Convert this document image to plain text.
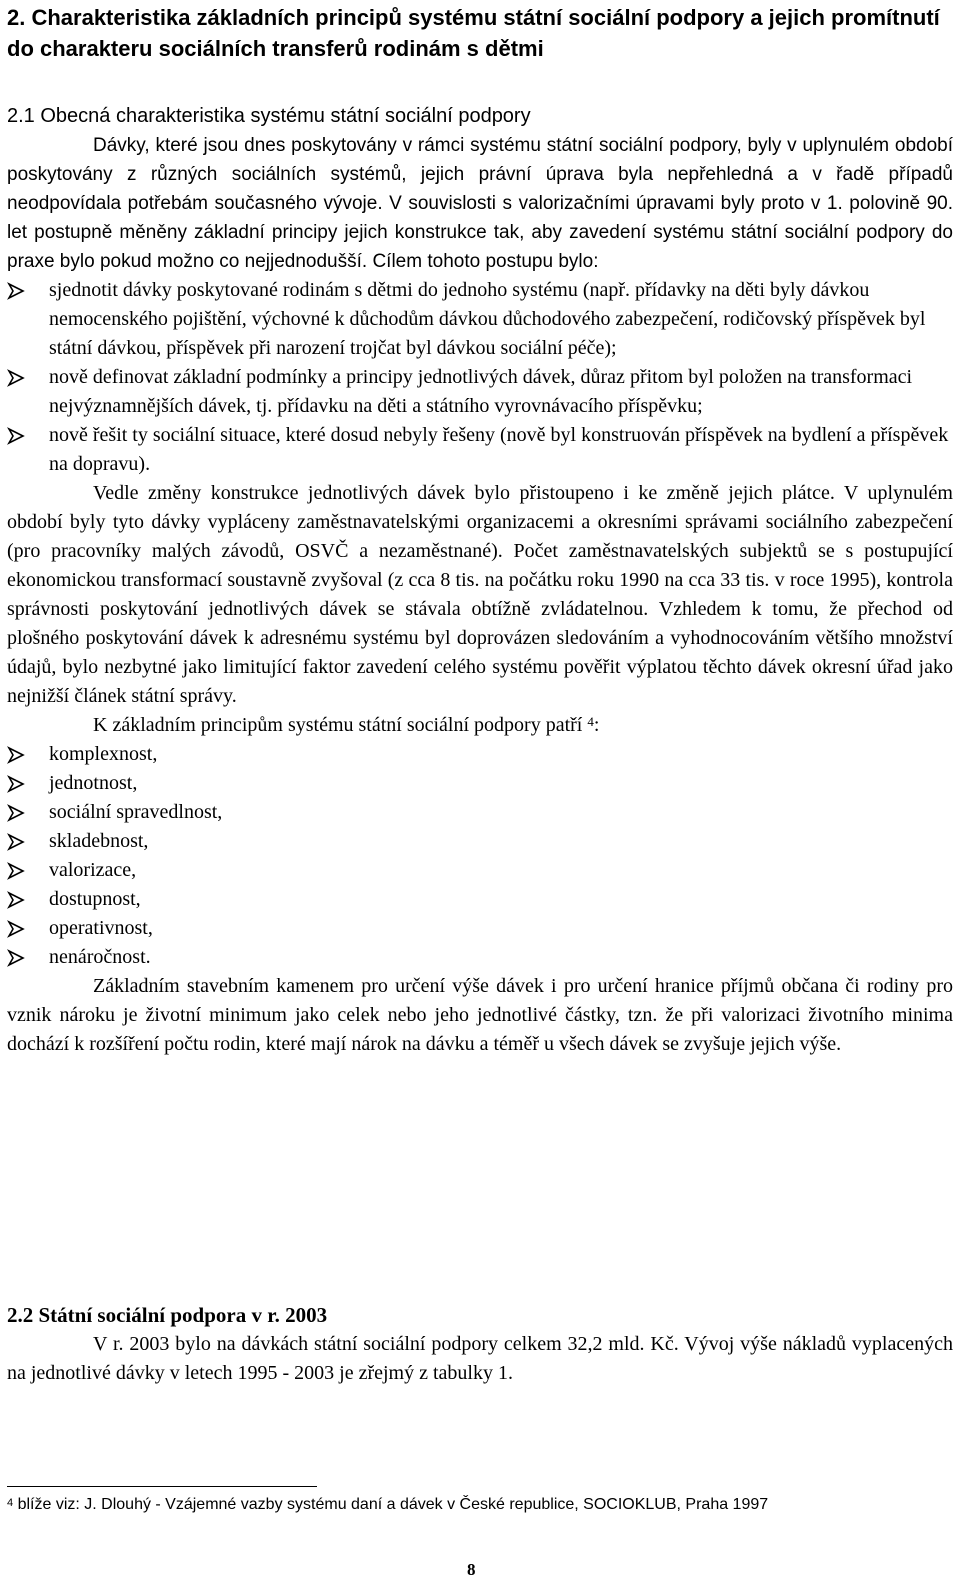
2. Charakteristika základních principů systému státní sociální podpory a jejich promítnutí do charakteru sociálních transferů rodinám s dětmi
2.1 Obecná charakteristika systému státní sociální podpory

Dávky, které jsou dnes poskytovány v rámci systému státní sociální podpory, byly v uplynulém období poskytovány z různých sociálních systémů, jejich právní úprava byla nepřehledná a v řadě případů neodpovídala potřebám současného vývoje. V souvislosti s valorizačními úpravami byly proto v 1. polovině 90. let postupně měněny základní principy jejich konstrukce tak, aby zavedení systému státní sociální podpory do praxe bylo pokud možno co nejjednodušší. Cílem tohoto postupu bylo:

sjednotit dávky poskytované rodinám s dětmi do jednoho systému (např. přídavky na děti byly dávkou nemocenského pojištění, výchovné k důchodům dávkou důchodového zabezpečení, rodičovský příspěvek byl státní dávkou, příspěvek při narození trojčat byl dávkou sociální péče);
nově definovat základní podmínky a principy jednotlivých dávek, důraz přitom byl položen na transformaci nejvýznamnějších dávek, tj. přídavku na děti a státního vyrovnávacího příspěvku;
nově řešit ty sociální situace, které dosud nebyly řešeny (nově byl konstruován příspěvek na bydlení a příspěvek na dopravu).

Vedle změny konstrukce jednotlivých dávek bylo přistoupeno i ke změně jejich plátce. V uplynulém období byly tyto dávky vypláceny zaměstnavatelskými organizacemi a okresními správami sociálního zabezpečení (pro pracovníky malých závodů, OSVČ a nezaměstnané). Počet zaměstnavatelských subjektů se s postupující ekonomickou transformací soustavně zvyšoval (z cca 8 tis. na počátku roku 1990 na cca 33 tis. v roce 1995), kontrola správnosti poskytování jednotlivých dávek se stávala obtížně zvládatelnou. Vzhledem k tomu, že přechod od plošného poskytování dávek k adresnému systému byl doprovázen sledováním a vyhodnocováním většího množství údajů, bylo nezbytné jako limitující faktor zavedení celého systému pověřit výplatou těchto dávek okresní úřad jako nejnižší článek státní správy.

K základním principům systému státní sociální podpory patří $^4$:

komplexnost,
jednotnost,
sociální spravedlnost,
skladebnost,
valorizace,
dostupnost,
operativnost,
nenáročnost.

Základním stavebním kamenem pro určení výše dávek i pro určení hranice příjmů občana či rodiny pro vznik nároku je životní minimum jako celek nebo jeho jednotlivé částky, tzn. že při valorizaci životního minima dochází k rozšíření počtu rodin, které mají nárok na dávku a téměř u všech dávek se zvyšuje jejich výše.

2.2 Státní sociální podpora v r. 2003

V r. 2003 bylo na dávkách státní sociální podpory celkem 32,2 mld. Kč. Vývoj výše nákladů vyplacených na jednotlivé dávky v letech 1995 - 2003 je zřejmý z tabulky 1.

$^4$ blíže viz: J. Dlouhý - Vzájemné vazby systému daní a dávek v České republice, SOCIOKLUB, Praha 1997
8
